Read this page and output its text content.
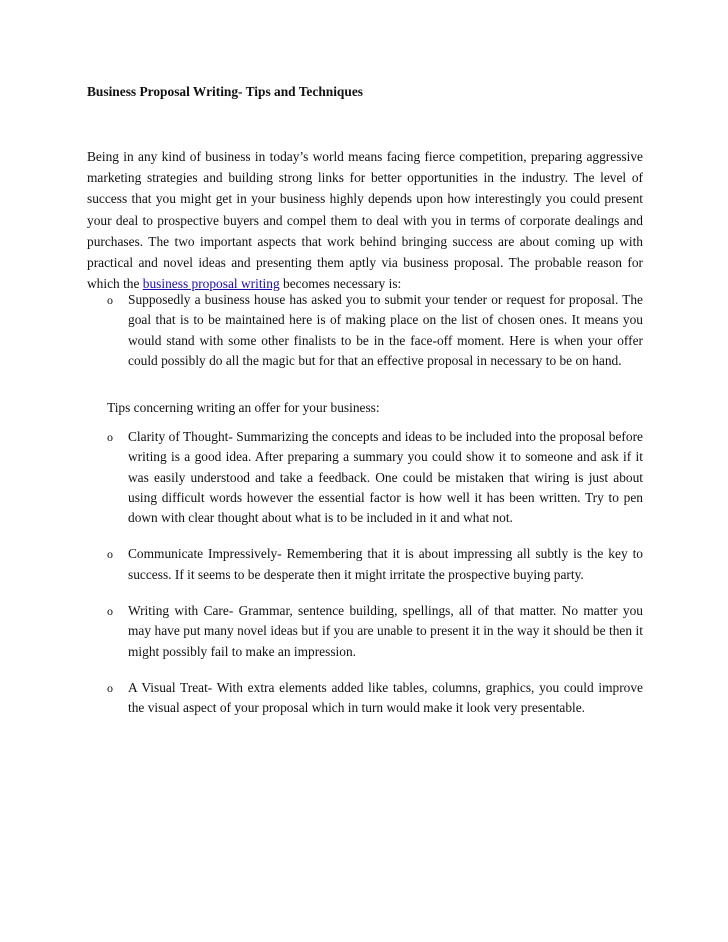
Business Proposal Writing- Tips and Techniques

Being in any kind of business in today’s world means facing fierce competition, preparing aggressive marketing strategies and building strong links for better opportunities in the industry. The level of success that you might get in your business highly depends upon how interestingly you could present your deal to prospective buyers and compel them to deal with you in terms of corporate dealings and purchases. The two important aspects that work behind bringing success are about coming up with practical and novel ideas and presenting them aptly via business proposal. The probable reason for which the business proposal writing becomes necessary is:

o Supposedly a business house has asked you to submit your tender or request for proposal. The goal that is to be maintained here is of making place on the list of chosen ones. It means you would stand with some other finalists to be in the face-off moment. Here is when your offer could possibly do all the magic but for that an effective proposal in necessary to be on hand.
Tips concerning writing an offer for your business:
o Clarity of Thought- Summarizing the concepts and ideas to be included into the proposal before writing is a good idea. After preparing a summary you could show it to someone and ask if it was easily understood and take a feedback. One could be mistaken that wiring is just about using difficult words however the essential factor is how well it has been written. Try to pen down with clear thought about what is to be included in it and what not.
o Communicate Impressively- Remembering that it is about impressing all subtly is the key to success. If it seems to be desperate then it might irritate the prospective buying party.
o Writing with Care- Grammar, sentence building, spellings, all of that matter. No matter you may have put many novel ideas but if you are unable to present it in the way it should be then it might possibly fail to make an impression.
o A Visual Treat- With extra elements added like tables, columns, graphics, you could improve the visual aspect of your proposal which in turn would make it look very presentable.
